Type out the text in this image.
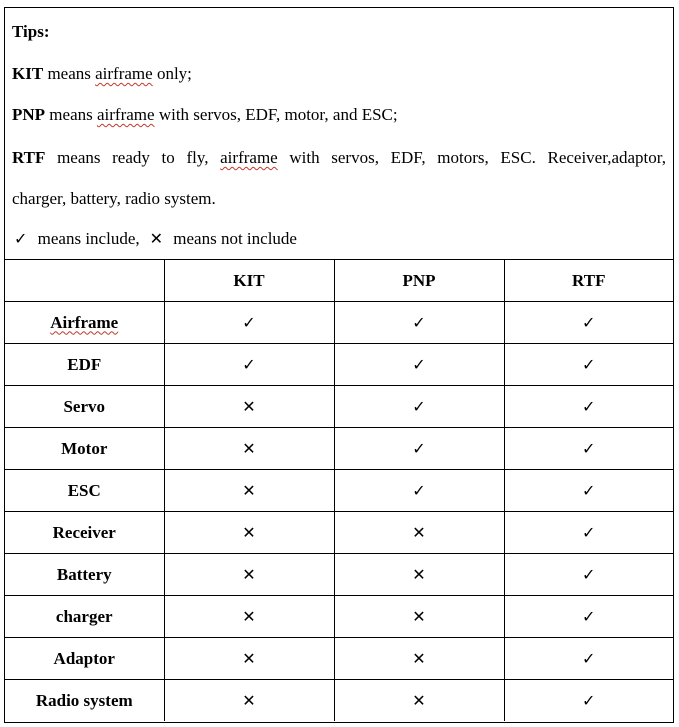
Tips:
KIT means airframe only;
PNP means airframe with servos, EDF, motor, and ESC;
RTF means ready to fly, airframe with servos, EDF, motors, ESC. Receiver,adaptor,
charger, battery, radio system.
✓ means include, ✕ means not include
	KIT	PNP	RTF
Airframe	✓	✓	✓
EDF	✓	✓	✓
Servo	✕	✓	✓
Motor	✕	✓	✓
ESC	✕	✓	✓
Receiver	✕	✕	✓
Battery	✕	✕	✓
charger	✕	✕	✓
Adaptor	✕	✕	✓
Radio system	✕	✕	✓
